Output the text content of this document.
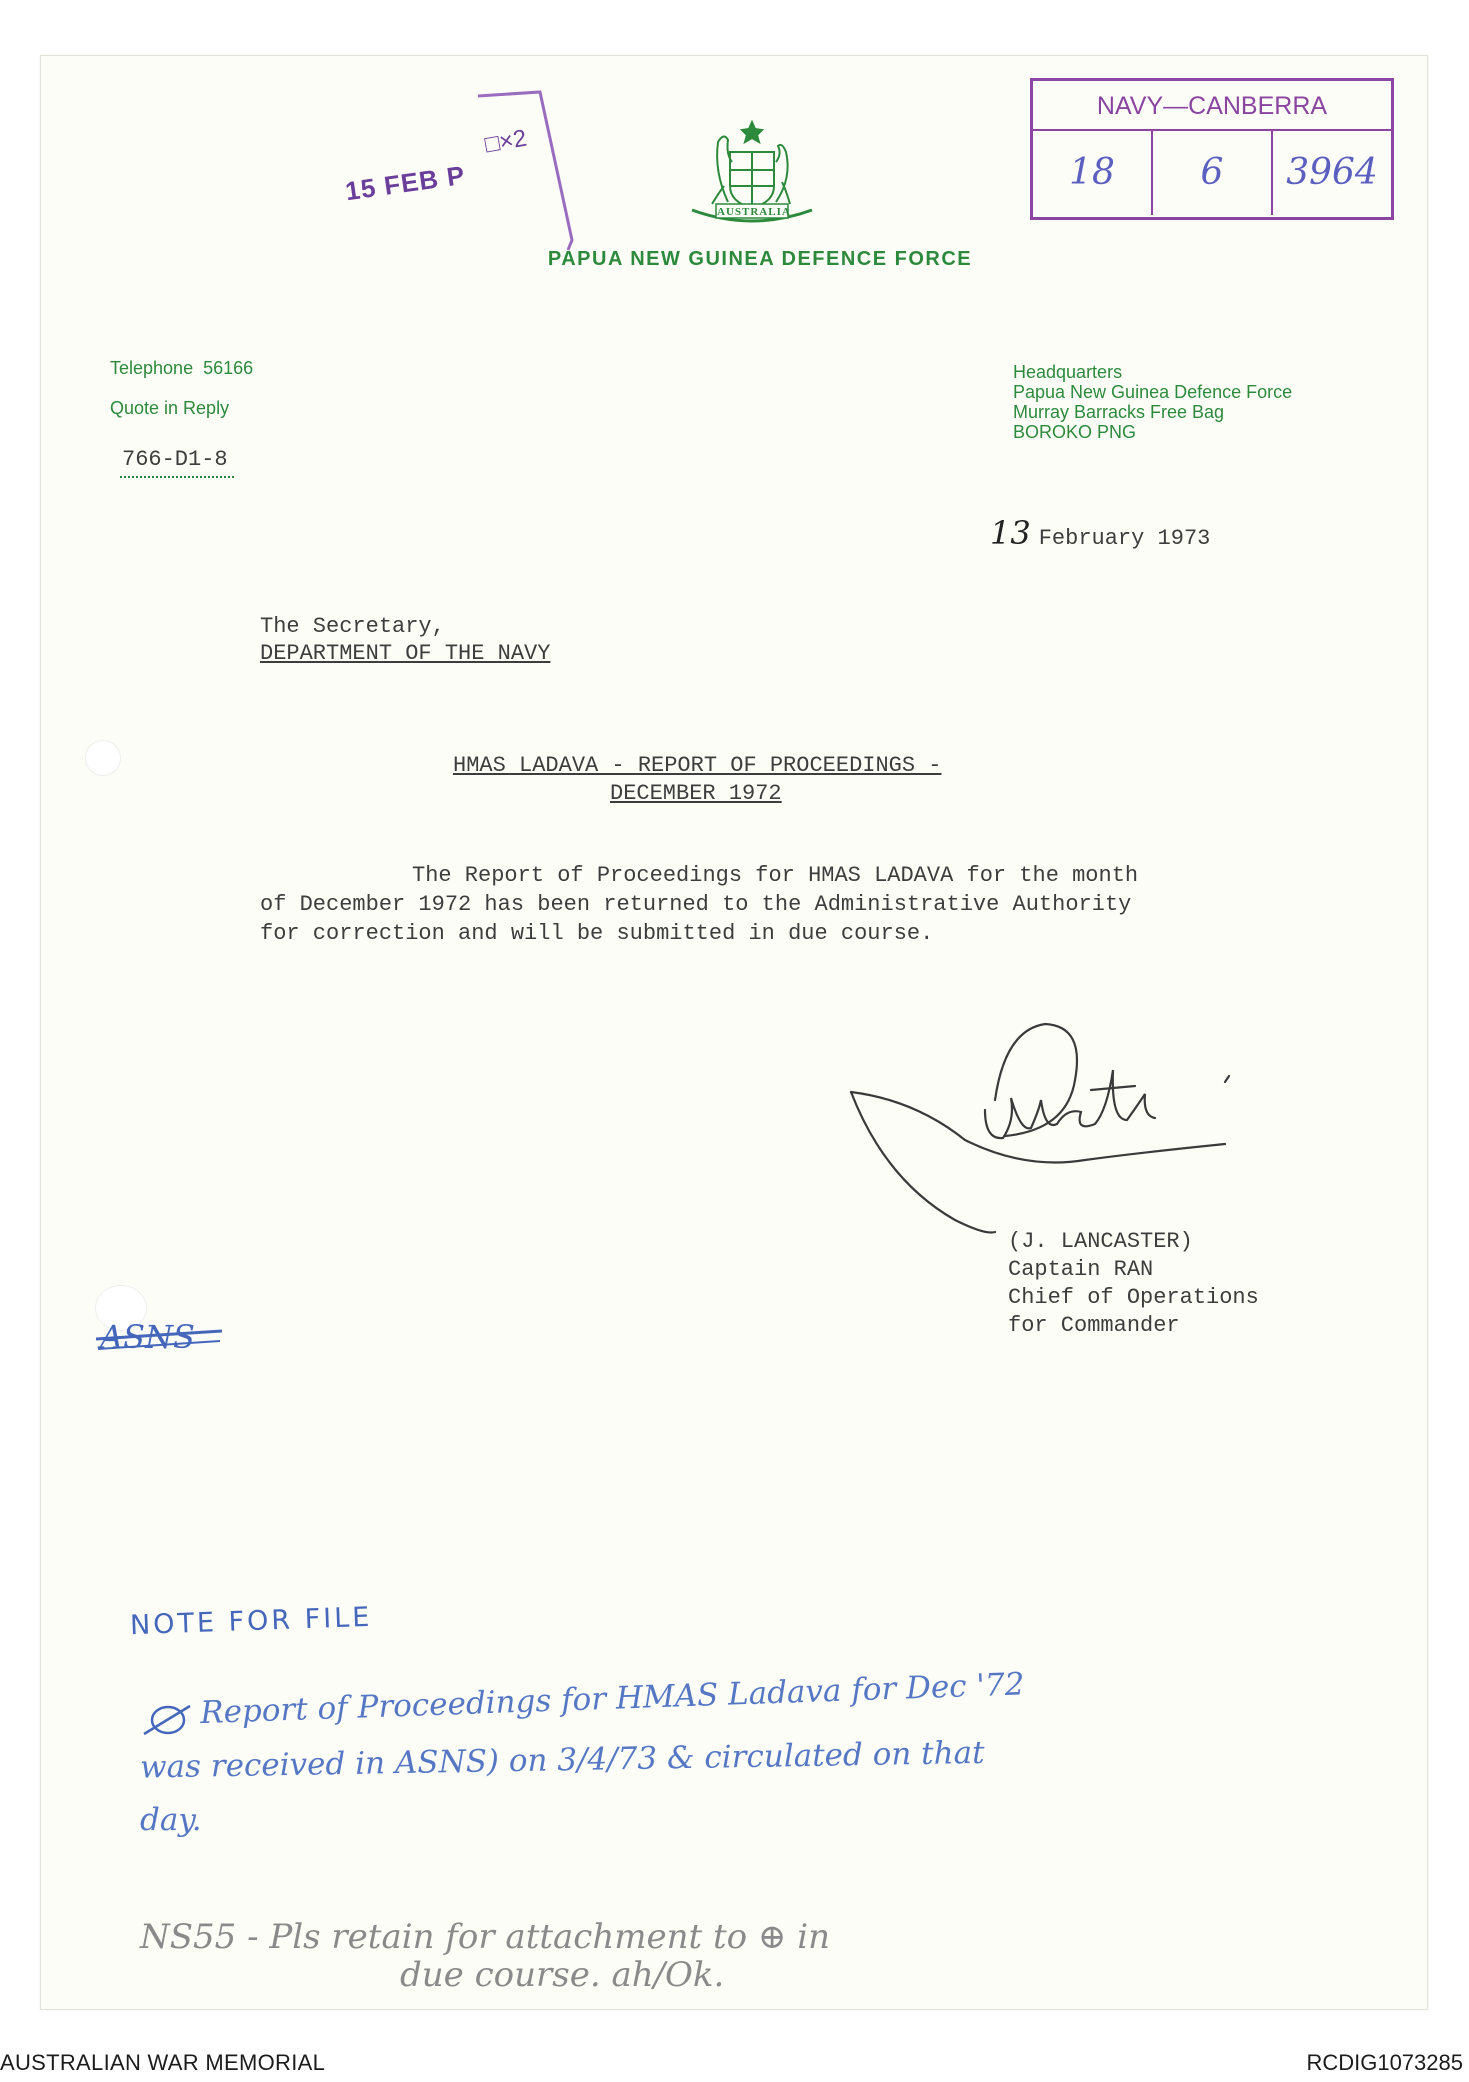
NAVY—CANBERRA
18	6	3964
15 FEB P
□×2
AUSTRALIA
PAPUA NEW GUINEA DEFENCE FORCE
Telephone 56166
Quote in Reply
766-D1-8
Headquarters
Papua New Guinea Defence Force
Murray Barracks Free Bag
BOROKO PNG
13 February 1973
The Secretary,
DEPARTMENT OF THE NAVY
HMAS LADAVA - REPORT OF PROCEEDINGS -
DECEMBER 1972
The Report of Proceedings for HMAS LADAVA for the month
of December 1972 has been returned to the Administrative Authority
for correction and will be submitted in due course.
(J. LANCASTER)
Captain RAN
Chief of Operations
for Commander
ASNS
NOTE FOR FILE
Report of Proceedings for HMAS Ladava for Dec '72
was received in ASNS) on 3/4/73 & circulated on that
day.
NS55 - Pls retain for attachment to ⊕ in
due course. ah/Ok.
AUSTRALIAN WAR MEMORIAL	RCDIG1073285
